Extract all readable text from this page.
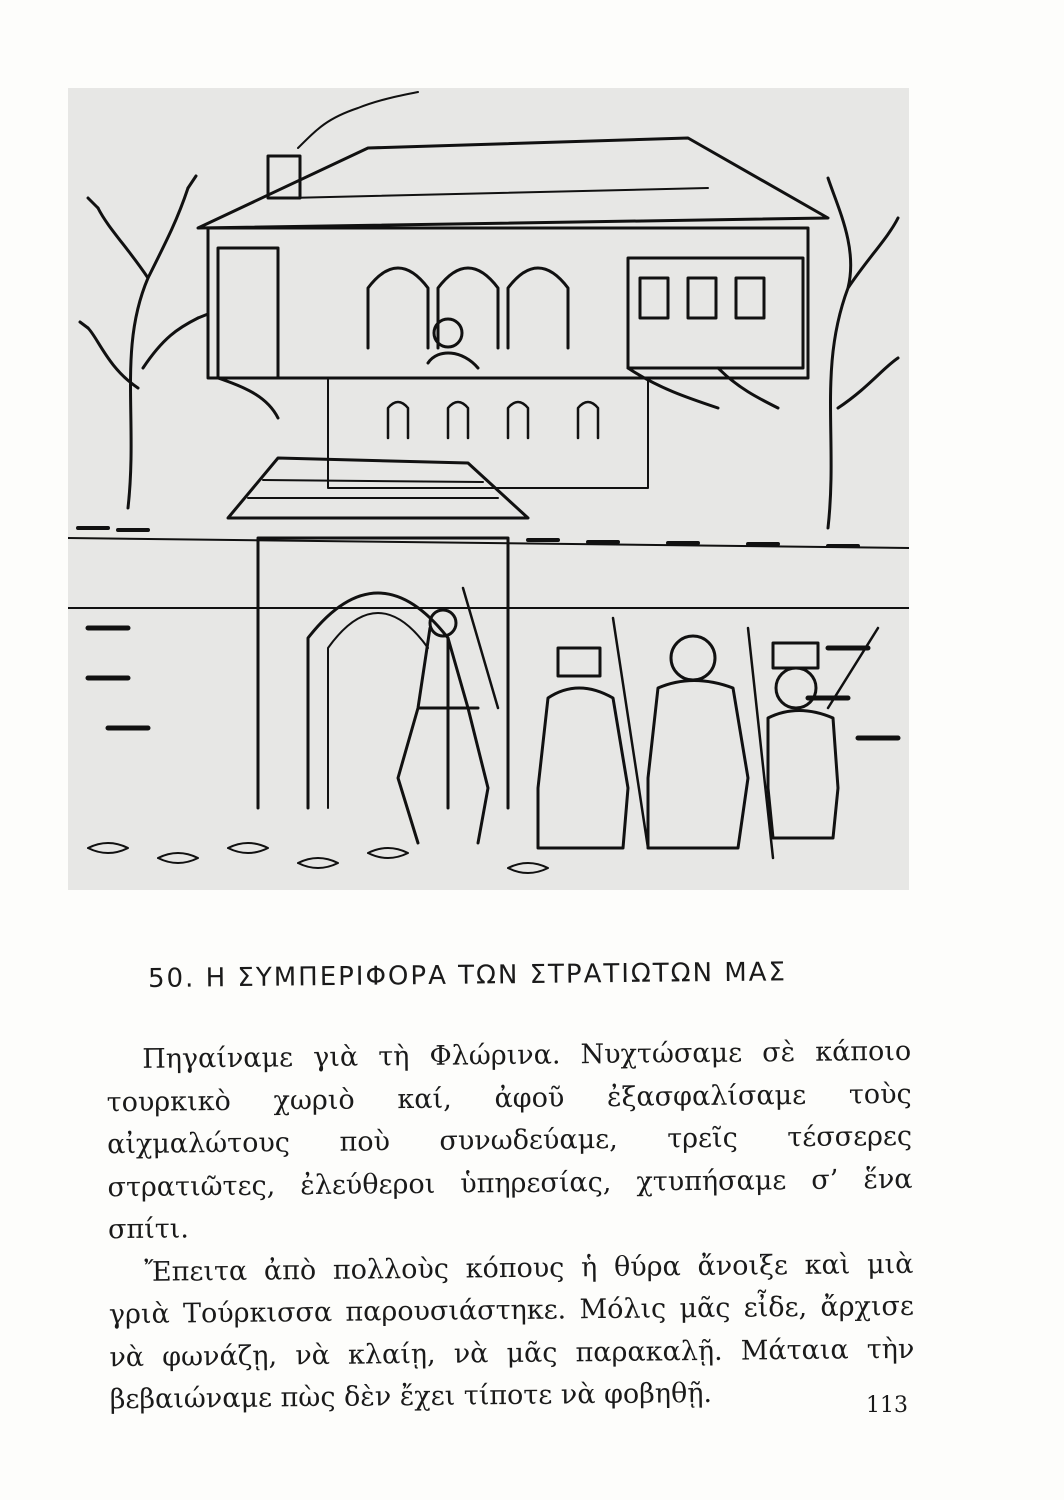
50. Η ΣΥΜΠΕΡΙΦΟΡΑ ΤΩΝ ΣΤΡΑΤΙΩΤΩΝ ΜΑΣ

Πηγαίναμε γιὰ τὴ Φλώρινα. Νυχτώσαμε σὲ κάποιο τουρκικὸ χωριὸ καί, ἀφοῦ ἐξασφαλίσαμε τοὺς αἰχμαλώτους ποὺ συνωδεύαμε, τρεῖς τέσσερες στρατιῶτες, ἐλεύθεροι ὑπηρεσίας, χτυπήσαμε σ’ ἕνα σπίτι.

Ἔπειτα ἀπὸ πολλοὺς κόπους ἡ θύρα ἄνοιξε καὶ μιὰ γριὰ Τούρκισσα παρουσιάστηκε. Μόλις μᾶς εἶδε, ἄρχισε νὰ φωνάζῃ, νὰ κλαίῃ, νὰ μᾶς παρακαλῇ. Μάταια τὴν βεβαιώναμε πὼς δὲν ἔχει τίποτε νὰ φοβηθῇ.	113
